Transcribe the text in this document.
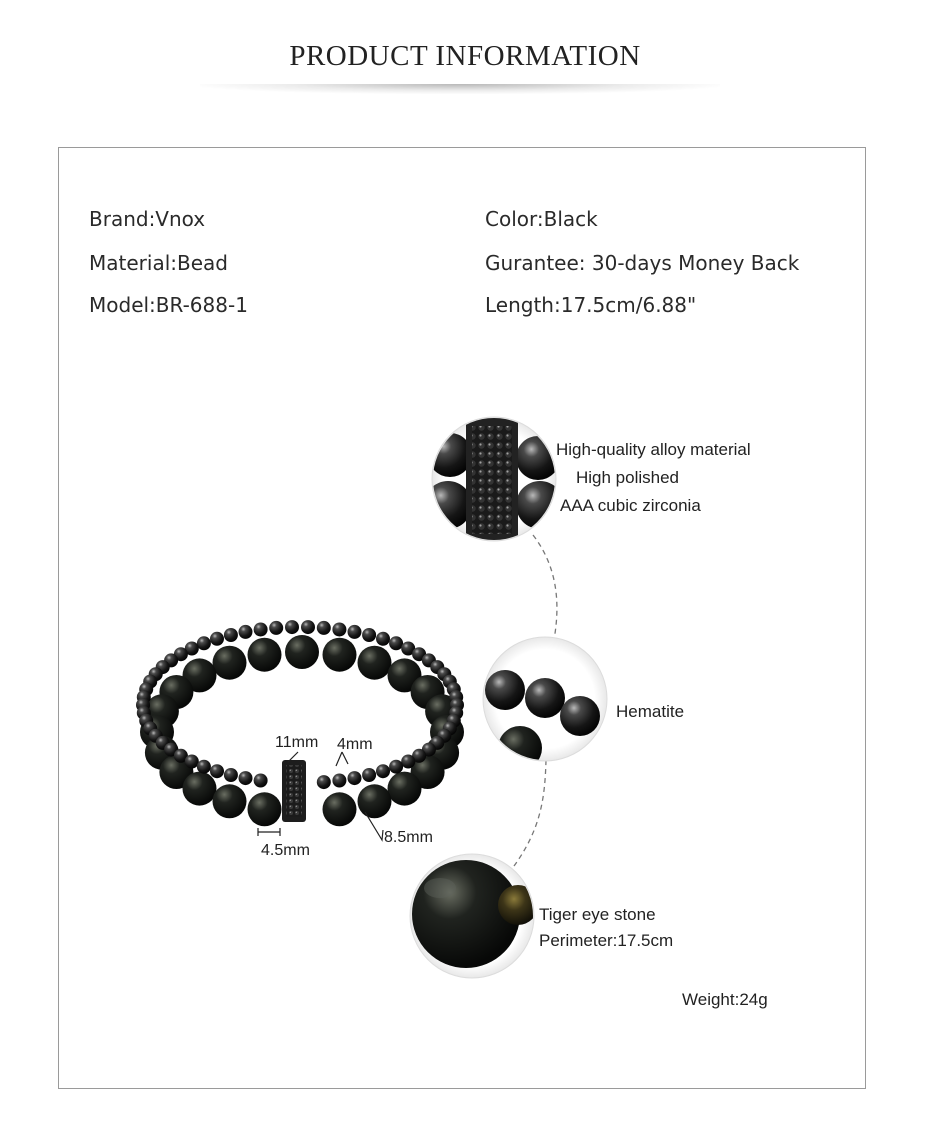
PRODUCT INFORMATION
Brand:Vnox
Material:Bead
Model:BR-688-1
Color:Black
Gurantee: 30-days Money Back
Length:17.5cm/6.88"
11mm 4mm
4.5mm
8.5mm
High-quality alloy material
High polished
AAA cubic zirconia
Hematite
Tiger eye stone
Perimeter:17.5cm
Weight:24g
